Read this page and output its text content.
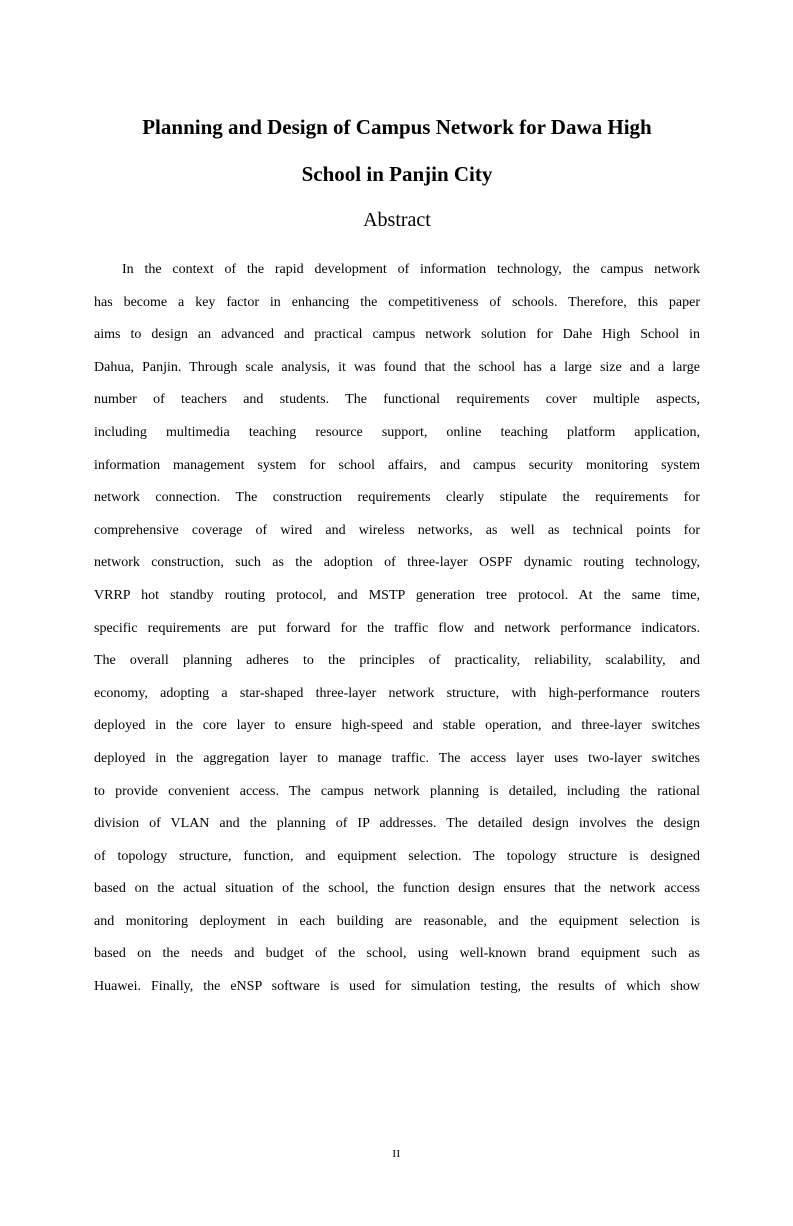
Planning and Design of Campus Network for Dawa High
School in Panjin City
Abstract
In the context of the rapid development of information technology, the campus network
has become a key factor in enhancing the competitiveness of schools. Therefore, this paper
aims to design an advanced and practical campus network solution for Dahe High School in
Dahua, Panjin. Through scale analysis, it was found that the school has a large size and a large
number of teachers and students. The functional requirements cover multiple aspects,
including multimedia teaching resource support, online teaching platform application,
information management system for school affairs, and campus security monitoring system
network connection. The construction requirements clearly stipulate the requirements for
comprehensive coverage of wired and wireless networks, as well as technical points for
network construction, such as the adoption of three-layer OSPF dynamic routing technology,
VRRP hot standby routing protocol, and MSTP generation tree protocol. At the same time,
specific requirements are put forward for the traffic flow and network performance indicators.
The overall planning adheres to the principles of practicality, reliability, scalability, and
economy, adopting a star-shaped three-layer network structure, with high-performance routers
deployed in the core layer to ensure high-speed and stable operation, and three-layer switches
deployed in the aggregation layer to manage traffic. The access layer uses two-layer switches
to provide convenient access. The campus network planning is detailed, including the rational
division of VLAN and the planning of IP addresses. The detailed design involves the design
of topology structure, function, and equipment selection. The topology structure is designed
based on the actual situation of the school, the function design ensures that the network access
and monitoring deployment in each building are reasonable, and the equipment selection is
based on the needs and budget of the school, using well-known brand equipment such as
Huawei. Finally, the eNSP software is used for simulation testing, the results of which show
II
